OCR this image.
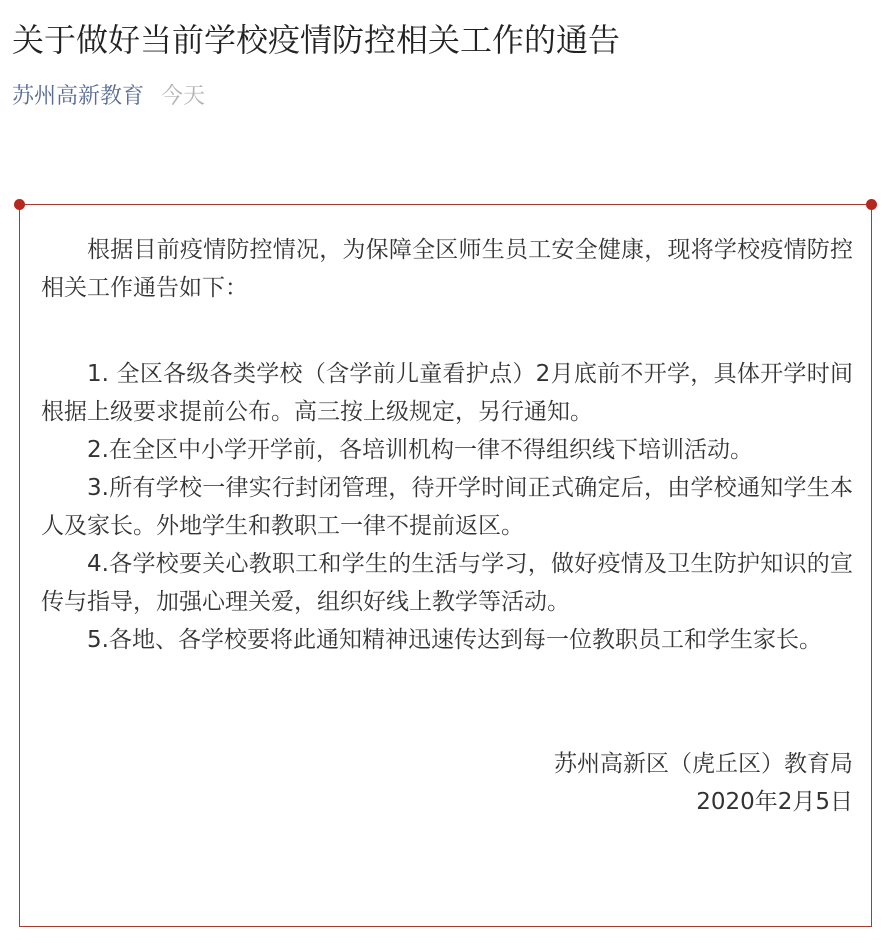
关于做好当前学校疫情防控相关工作的通告
苏州高新教育 今天

根据目前疫情防控情况，为保障全区师生员工安全健康，现将学校疫情防控相关工作通告如下：

1. 全区各级各类学校（含学前儿童看护点）2月底前不开学，具体开学时间根据上级要求提前公布。高三按上级规定，另行通知。

2.在全区中小学开学前，各培训机构一律不得组织线下培训活动。

3.所有学校一律实行封闭管理，待开学时间正式确定后，由学校通知学生本人及家长。外地学生和教职工一律不提前返区。

4.各学校要关心教职工和学生的生活与学习，做好疫情及卫生防护知识的宣传与指导，加强心理关爱，组织好线上教学等活动。

5.各地、各学校要将此通知精神迅速传达到每一位教职员工和学生家长。

苏州高新区（虎丘区）教育局

2020年2月5日
